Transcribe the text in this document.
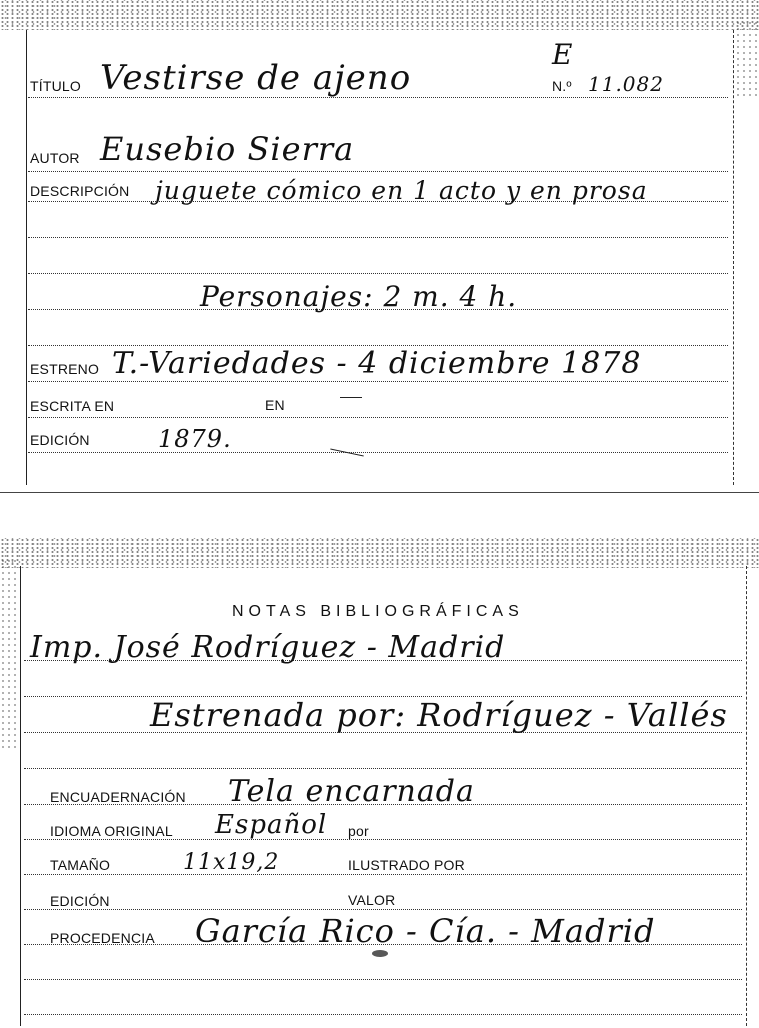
TÍTULO Vestirse de ajeno
E
N.º 11.082
AUTOR Eusebio Sierra
DESCRIPCIÓN juguete cómico en 1 acto y en prosa
Personajes: 2 m. 4 h.
ESTRENO T.-Variedades - 4 diciembre 1878
ESCRITA EN	EN
EDICIÓN	1879.
NOTAS BIBLIOGRÁFICAS
Imp. José Rodríguez - Madrid
Estrenada por: Rodríguez - Vallés
ENCUADERNACIÓN Tela encarnada
IDIOMA ORIGINAL Español por
TAMAÑO	11x19,2	ILUSTRADO POR
EDICIÓN	VALOR
PROCEDENCIA García Rico - Cía. - Madrid
